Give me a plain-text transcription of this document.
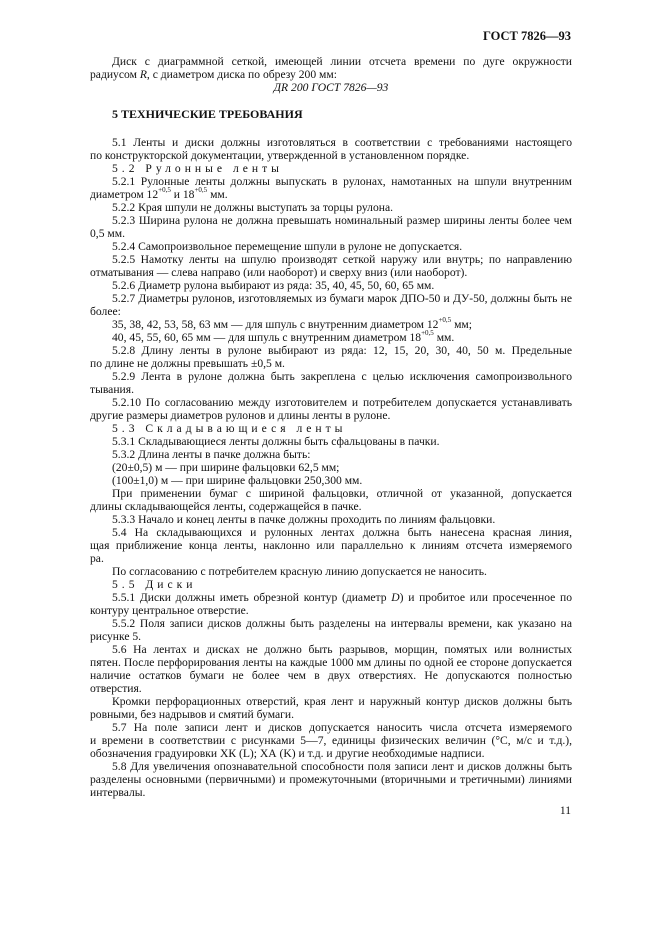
ГОСТ 7826—93
Диск с диаграммной сеткой, имеющей линии отсчета времени по дуге окружности
радиусом R, с диаметром диска по обрезу 200 мм:
ДR 200 ГОСТ 7826—93
5 ТЕХНИЧЕСКИЕ ТРЕБОВАНИЯ
5.1 Ленты и диски должны изготовляться в соответствии с требованиями настоящего
по конструкторской документации, утвержденной в установленном порядке.
5.2 Рулонные ленты
5.2.1 Рулонные ленты должны выпускать в рулонах, намотанных на шпули внутренним
диаметром $12^{+0,5}$ и $18^{+0,5}$ мм.
5.2.2 Края шпули не должны выступать за торцы рулона.
5.2.3 Ширина рулона не должна превышать номинальный размер ширины ленты более чем
0,5 мм.
5.2.4 Самопроизвольное перемещение шпули в рулоне не допускается.
5.2.5 Намотку ленты на шпулю производят сеткой наружу или внутрь; по направлению
отматывания — слева направо (или наоборот) и сверху вниз (или наоборот).
5.2.6 Диаметр рулона выбирают из ряда: 35, 40, 45, 50, 60, 65 мм.
5.2.7 Диаметры рулонов, изготовляемых из бумаги марок ДПО-50 и ДУ-50, должны быть не
более:
35, 38, 42, 53, 58, 63 мм — для шпуль с внутренним диаметром $12^{+0,5}$ мм;
40, 45, 55, 60, 65 мм — для шпуль с внутренним диаметром $18^{+0,5}$ мм.
5.2.8 Длину ленты в рулоне выбирают из ряда: 12, 15, 20, 30, 40, 50 м. Предельные
по длине не должны превышать ±0,5 м.
5.2.9 Лента в рулоне должна быть закреплена с целью исключения самопроизвольного
тывания.
5.2.10 По согласованию между изготовителем и потребителем допускается устанавливать
другие размеры диаметров рулонов и длины ленты в рулоне.
5.3 Складывающиеся ленты
5.3.1 Складывающиеся ленты должны быть сфальцованы в пачки.
5.3.2 Длина ленты в пачке должна быть:
(20±0,5) м — при ширине фальцовки 62,5 мм;
(100±1,0) м — при ширине фальцовки 250,300 мм.
При применении бумаг с шириной фальцовки, отличной от указанной, допускается
длины складывающейся ленты, содержащейся в пачке.
5.3.3 Начало и конец ленты в пачке должны проходить по линиям фальцовки.
5.4 На складывающихся и рулонных лентах должна быть нанесена красная линия,
щая приближение конца ленты, наклонно или параллельно к линиям отсчета измеряемого
ра.
По согласованию с потребителем красную линию допускается не наносить.
5.5 Диски
5.5.1 Диски должны иметь обрезной контур (диаметр D) и пробитое или просеченное по
контуру центральное отверстие.
5.5.2 Поля записи дисков должны быть разделены на интервалы времени, как указано на
рисунке 5.
5.6 На лентах и дисках не должно быть разрывов, морщин, помятых или волнистых
пятен. После перфорирования ленты на каждые 1000 мм длины по одной ее стороне допускается
наличие остатков бумаги не более чем в двух отверстиях. Не допускаются полностью
отверстия.
Кромки перфорационных отверстий, края лент и наружный контур дисков должны быть
ровными, без надрывов и смятий бумаги.
5.7 На поле записи лент и дисков допускается наносить числа отсчета измеряемого
и времени в соответствии с рисунками 5—7, единицы физических величин (°С, м/с и т.д.),
обозначения градуировки ХК (L); ХА (K) и т.д. и другие необходимые надписи.
5.8 Для увеличения опознавательной способности поля записи лент и дисков должны быть
разделены основными (первичными) и промежуточными (вторичными и третичными) линиями
интервалы.
11
